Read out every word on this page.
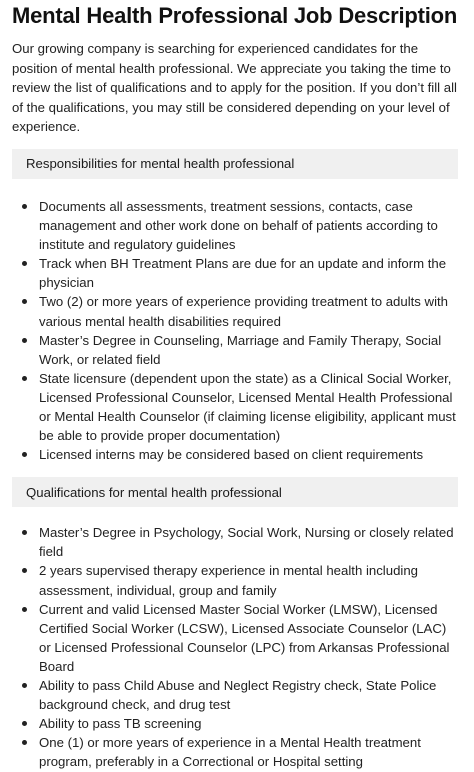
Mental Health Professional Job Description

Our growing company is searching for experienced candidates for the position of mental health professional. We appreciate you taking the time to review the list of qualifications and to apply for the position. If you don’t fill all of the qualifications, you may still be considered depending on your level of experience.

Responsibilities for mental health professional
Documents all assessments, treatment sessions, contacts, case management and other work done on behalf of patients according to institute and regulatory guidelines
Track when BH Treatment Plans are due for an update and inform the physician
Two (2) or more years of experience providing treatment to adults with various mental health disabilities required
Master’s Degree in Counseling, Marriage and Family Therapy, Social Work, or related field
State licensure (dependent upon the state) as a Clinical Social Worker, Licensed Professional Counselor, Licensed Mental Health Professional or Mental Health Counselor (if claiming license eligibility, applicant must be able to provide proper documentation)
Licensed interns may be considered based on client requirements
Qualifications for mental health professional
Master’s Degree in Psychology, Social Work, Nursing or closely related field
2 years supervised therapy experience in mental health including assessment, individual, group and family
Current and valid Licensed Master Social Worker (LMSW), Licensed Certified Social Worker (LCSW), Licensed Associate Counselor (LAC) or Licensed Professional Counselor (LPC) from Arkansas Professional Board
Ability to pass Child Abuse and Neglect Registry check, State Police background check, and drug test
Ability to pass TB screening
One (1) or more years of experience in a Mental Health treatment program, preferably in a Correctional or Hospital setting
